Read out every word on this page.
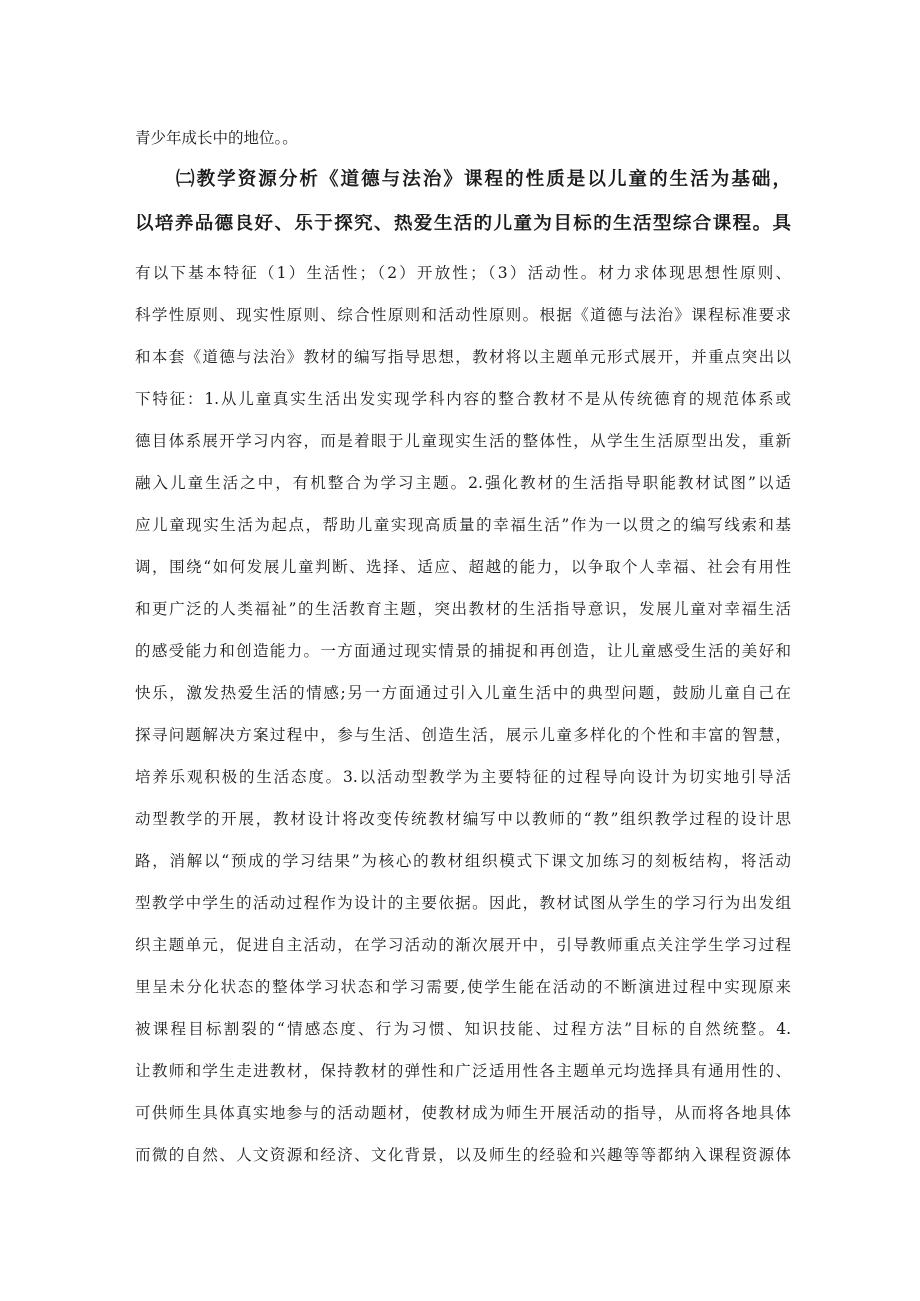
青少年成长中的地位。。
㈡教学资源分析《道德与法治》课程的性质是以儿童的生活为基础，
以培养品德良好、乐于探究、热爱生活的儿童为目标的生活型综合课程。具
有以下基本特征（1）生活性；（2）开放性；（3）活动性。材力求体现思想性原则、
科学性原则、现实性原则、综合性原则和活动性原则。根据《道德与法治》课程标准要求
和本套《道德与法治》教材的编写指导思想，教材将以主题单元形式展开，并重点突出以
下特征：1.从儿童真实生活出发实现学科内容的整合教材不是从传统德育的规范体系或
德目体系展开学习内容，而是着眼于儿童现实生活的整体性，从学生生活原型出发，重新
融入儿童生活之中，有机整合为学习主题。2.强化教材的生活指导职能教材试图”以适
应儿童现实生活为起点，帮助儿童实现高质量的幸福生活”作为一以贯之的编写线索和基
调，围绕“如何发展儿童判断、选择、适应、超越的能力，以争取个人幸福、社会有用性
和更广泛的人类福祉”的生活教育主题，突出教材的生活指导意识，发展儿童对幸福生活
的感受能力和创造能力。一方面通过现实情景的捕捉和再创造，让儿童感受生活的美好和
快乐，激发热爱生活的情感;另一方面通过引入儿童生活中的典型问题，鼓励儿童自己在
探寻问题解决方案过程中，参与生活、创造生活，展示儿童多样化的个性和丰富的智慧，
培养乐观积极的生活态度。3.以活动型教学为主要特征的过程导向设计为切实地引导活
动型教学的开展，教材设计将改变传统教材编写中以教师的“教”组织教学过程的设计思
路，消解以“预成的学习结果”为核心的教材组织模式下课文加练习的刻板结构，将活动
型教学中学生的活动过程作为设计的主要依据。因此，教材试图从学生的学习行为出发组
织主题单元，促进自主活动，在学习活动的渐次展开中，引导教师重点关注学生学习过程
里呈未分化状态的整体学习状态和学习需要,使学生能在活动的不断演进过程中实现原来
被课程目标割裂的“情感态度、行为习惯、知识技能、过程方法”目标的自然统整。4.
让教师和学生走进教材，保持教材的弹性和广泛适用性各主题单元均选择具有通用性的、
可供师生具体真实地参与的活动题材，使教材成为师生开展活动的指导，从而将各地具体
而微的自然、人文资源和经济、文化背景，以及师生的经验和兴趣等等都纳入课程资源体
